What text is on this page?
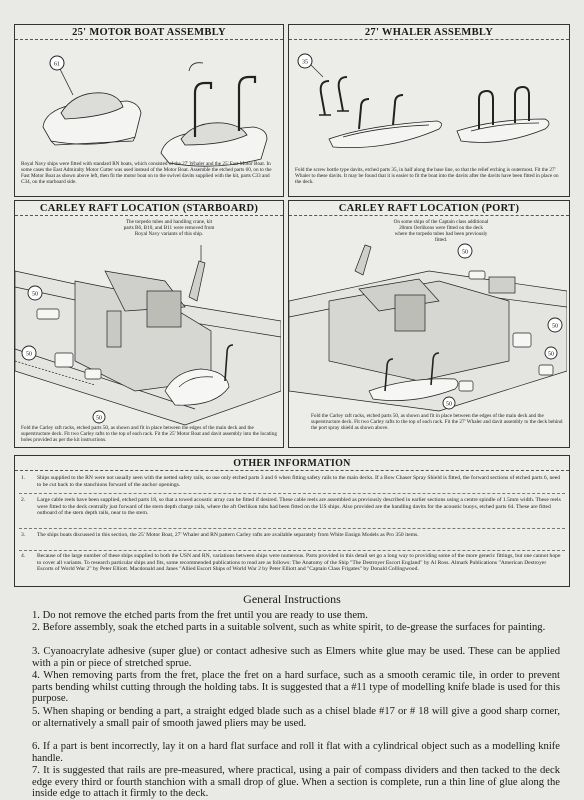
25' MOTOR BOAT ASSEMBLY
61
Royal Navy ships were fitted with standard RN boats, which consisted of the 27' Whaler and the 25' Fast Motor Boat. In some cases the East Admiralty Motor Cutter was used instead of the Motor Boat. Assemble the etched parts 60, on to the Fast Motor Boat as shown above left, then fit the motor boat on to the swivel davits supplied with the kit, parts C33 and C34, on the starboard side.
27' WHALER ASSEMBLY
35
Fold the screw bottle type davits, etched parts 35, in half along the base line, so that the relief etching is outermost. Fit the 27' Whaler to these davits. It may be found that it is easier to fit the boat into the davits after the davits have been fitted in place on the deck.
CARLEY RAFT LOCATION (STARBOARD)
The torpedo tubes and handling crane, kit parts B6, B10, and B11 were removed from Royal Navy variants of this ship.
50
50
50
Fold the Carley raft racks, etched parts 50, as shown and fit in place between the edges of the main deck and the superstructure deck. Fit two Carley rafts to the top of each rack. Fit the 25' Motor Boat and davit assembly into the locating holes provided as per the kit instructions.
CARLEY RAFT LOCATION (PORT)
On some ships of the Captain class additional 20mm Oerlikons were fitted on the deck where the torpedo tubes had been previously fitted.
50
50
50
50
Fold the Carley raft racks, etched parts 50, as shown and fit in place between the edges of the main deck and the superstructure deck. Fit two Carley rafts to the top of each rack. Fit the 27' Whaler and davit assembly to the deck behind the port spray shield as shown above.
OTHER INFORMATION
1.	Ships supplied to the RN were not usually seen with the netted safety rails, so use only etched parts 3 and 6 when fitting safety rails to the main decks. If a Bow Chaser Spray Shield is fitted, the forward sections of etched parts 6, need to be cut back to the stanchions forward of the anchor openings.
2.	Large cable reels have been supplied, etched parts 18, so that a towed acoustic array can be fitted if desired. These cable reels are assembled as previously described in earlier sections using a centre spindle of 1.5mm width. These reels were fitted to the deck centrally just forward of the stern depth charge rails, where the aft Oerlikon tubs had been fitted on the US ships. Also provided are the handling davits for the acoustic buoys, etched parts 64. These are fitted outboard of the stern depth rails, near to the stern.
3.	The ships boats discussed in this section, the 25' Motor Boat, 27' Whaler and RN pattern Carley rafts are available separately from White Ensign Models as Pro 350 items.
4.	Because of the large number of these ships supplied to both the USN and RN, variations between ships were numerous. Parts provided in this detail set go a long way to providing some of the more generic fittings, but one cannot hope to cover all variants. To research particular ships and fits, some recommended publications to read are as follows: The Anatomy of the Ship "The Destroyer Escort England" by Al Ross. Almark Publications "American Destroyer Escorts of World War 2" by Peter Elliott. Macdonald and Janes "Allied Escort Ships of World War 2 by Peter Elliott and "Captain Class Frigates" by Donald Collingwood.
General Instructions
1. Do not remove the etched parts from the fret until you are ready to use them.
2. Before assembly, soak the etched parts in a suitable solvent, such as white spirit, to de-grease the surfaces for painting.
3. Cyanoacrylate adhesive (super glue) or contact adhesive such as Elmers white glue may be used. These can be applied with a pin or piece of stretched sprue.
4. When removing parts from the fret, place the fret on a hard surface, such as a smooth ceramic tile, in order to prevent parts bending whilst cutting through the holding tabs. It is suggested that a #11 type of modelling knife blade is used for this purpose.
5. When shaping or bending a part, a straight edged blade such as a chisel blade #17 or # 18 will give a good sharp corner, or alternatively a small pair of smooth jawed pliers may be used.
6. If a part is bent incorrectly, lay it on a hard flat surface and roll it flat with a cylindrical object such as a modelling knife handle.
7. It is suggested that rails are pre-measured, where practical, using a pair of compass dividers and then tacked to the deck edge every third or fourth stanchion with a small drop of glue. When a section is complete, run a thin line of glue along the inside edge to attach it firmly to the deck.
